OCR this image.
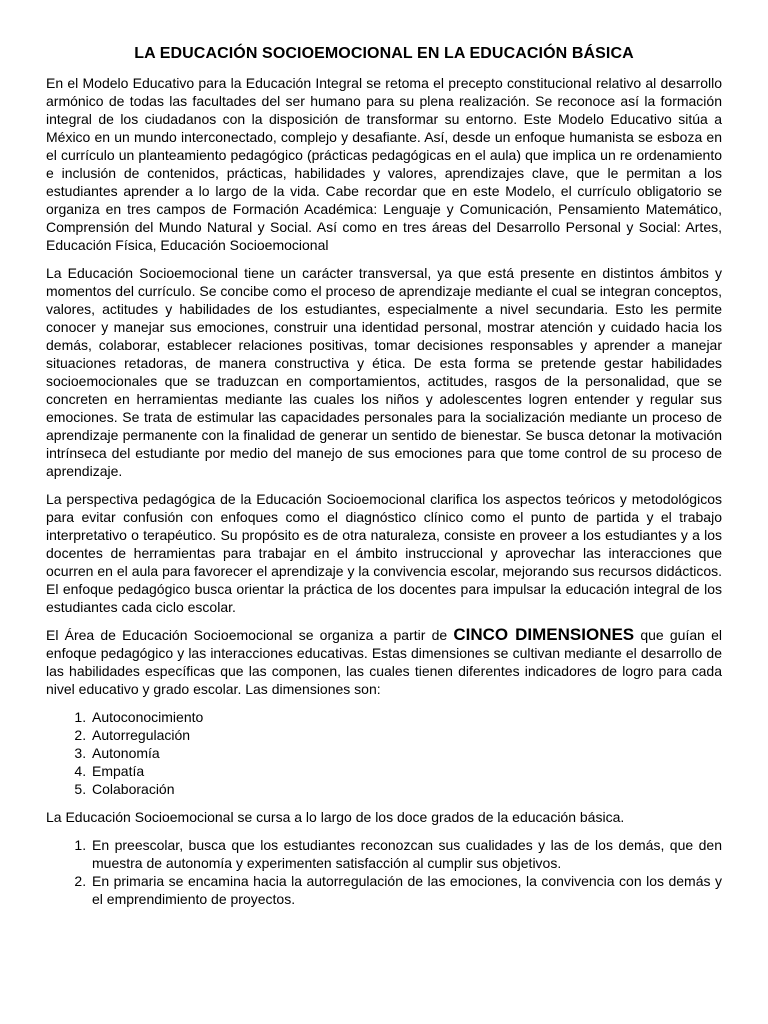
LA EDUCACIÓN SOCIOEMOCIONAL EN LA EDUCACIÓN BÁSICA

En el Modelo Educativo para la Educación Integral se retoma el precepto constitucional relativo al desarrollo armónico de todas las facultades del ser humano para su plena realización. Se reconoce así la formación integral de los ciudadanos con la disposición de transformar su entorno. Este Modelo Educativo sitúa a México en un mundo interconectado, complejo y desafiante. Así, desde un enfoque humanista se esboza en el currículo un planteamiento pedagógico (prácticas pedagógicas en el aula) que implica un re ordenamiento e inclusión de contenidos, prácticas, habilidades y valores, aprendizajes clave, que le permitan a los estudiantes aprender a lo largo de la vida. Cabe recordar que en este Modelo, el currículo obligatorio se organiza en tres campos de Formación Académica: Lenguaje y Comunicación, Pensamiento Matemático, Comprensión del Mundo Natural y Social. Así como en tres áreas del Desarrollo Personal y Social: Artes, Educación Física, Educación Socioemocional

La Educación Socioemocional tiene un carácter transversal, ya que está presente en distintos ámbitos y momentos del currículo. Se concibe como el proceso de aprendizaje mediante el cual se integran conceptos, valores, actitudes y habilidades de los estudiantes, especialmente a nivel secundaria. Esto les permite conocer y manejar sus emociones, construir una identidad personal, mostrar atención y cuidado hacia los demás, colaborar, establecer relaciones positivas, tomar decisiones responsables y aprender a manejar situaciones retadoras, de manera constructiva y ética. De esta forma se pretende gestar habilidades socioemocionales que se traduzcan en comportamientos, actitudes, rasgos de la personalidad, que se concreten en herramientas mediante las cuales los niños y adolescentes logren entender y regular sus emociones. Se trata de estimular las capacidades personales para la socialización mediante un proceso de aprendizaje permanente con la finalidad de generar un sentido de bienestar. Se busca detonar la motivación intrínseca del estudiante por medio del manejo de sus emociones para que tome control de su proceso de aprendizaje.

La perspectiva pedagógica de la Educación Socioemocional clarifica los aspectos teóricos y metodológicos para evitar confusión con enfoques como el diagnóstico clínico como el punto de partida y el trabajo interpretativo o terapéutico. Su propósito es de otra naturaleza, consiste en proveer a los estudiantes y a los docentes de herramientas para trabajar en el ámbito instruccional y aprovechar las interacciones que ocurren en el aula para favorecer el aprendizaje y la convivencia escolar, mejorando sus recursos didácticos. El enfoque pedagógico busca orientar la práctica de los docentes para impulsar la educación integral de los estudiantes cada ciclo escolar.

El Área de Educación Socioemocional se organiza a partir de CINCO DIMENSIONES que guían el enfoque pedagógico y las interacciones educativas. Estas dimensiones se cultivan mediante el desarrollo de las habilidades específicas que las componen, las cuales tienen diferentes indicadores de logro para cada nivel educativo y grado escolar. Las dimensiones son:

1. Autoconocimiento
2. Autorregulación
3. Autonomía
4. Empatía
5. Colaboración

La Educación Socioemocional se cursa a lo largo de los doce grados de la educación básica.

1. En preescolar, busca que los estudiantes reconozcan sus cualidades y las de los demás, que den muestra de autonomía y experimenten satisfacción al cumplir sus objetivos.
2. En primaria se encamina hacia la autorregulación de las emociones, la convivencia con los demás y el emprendimiento de proyectos.
